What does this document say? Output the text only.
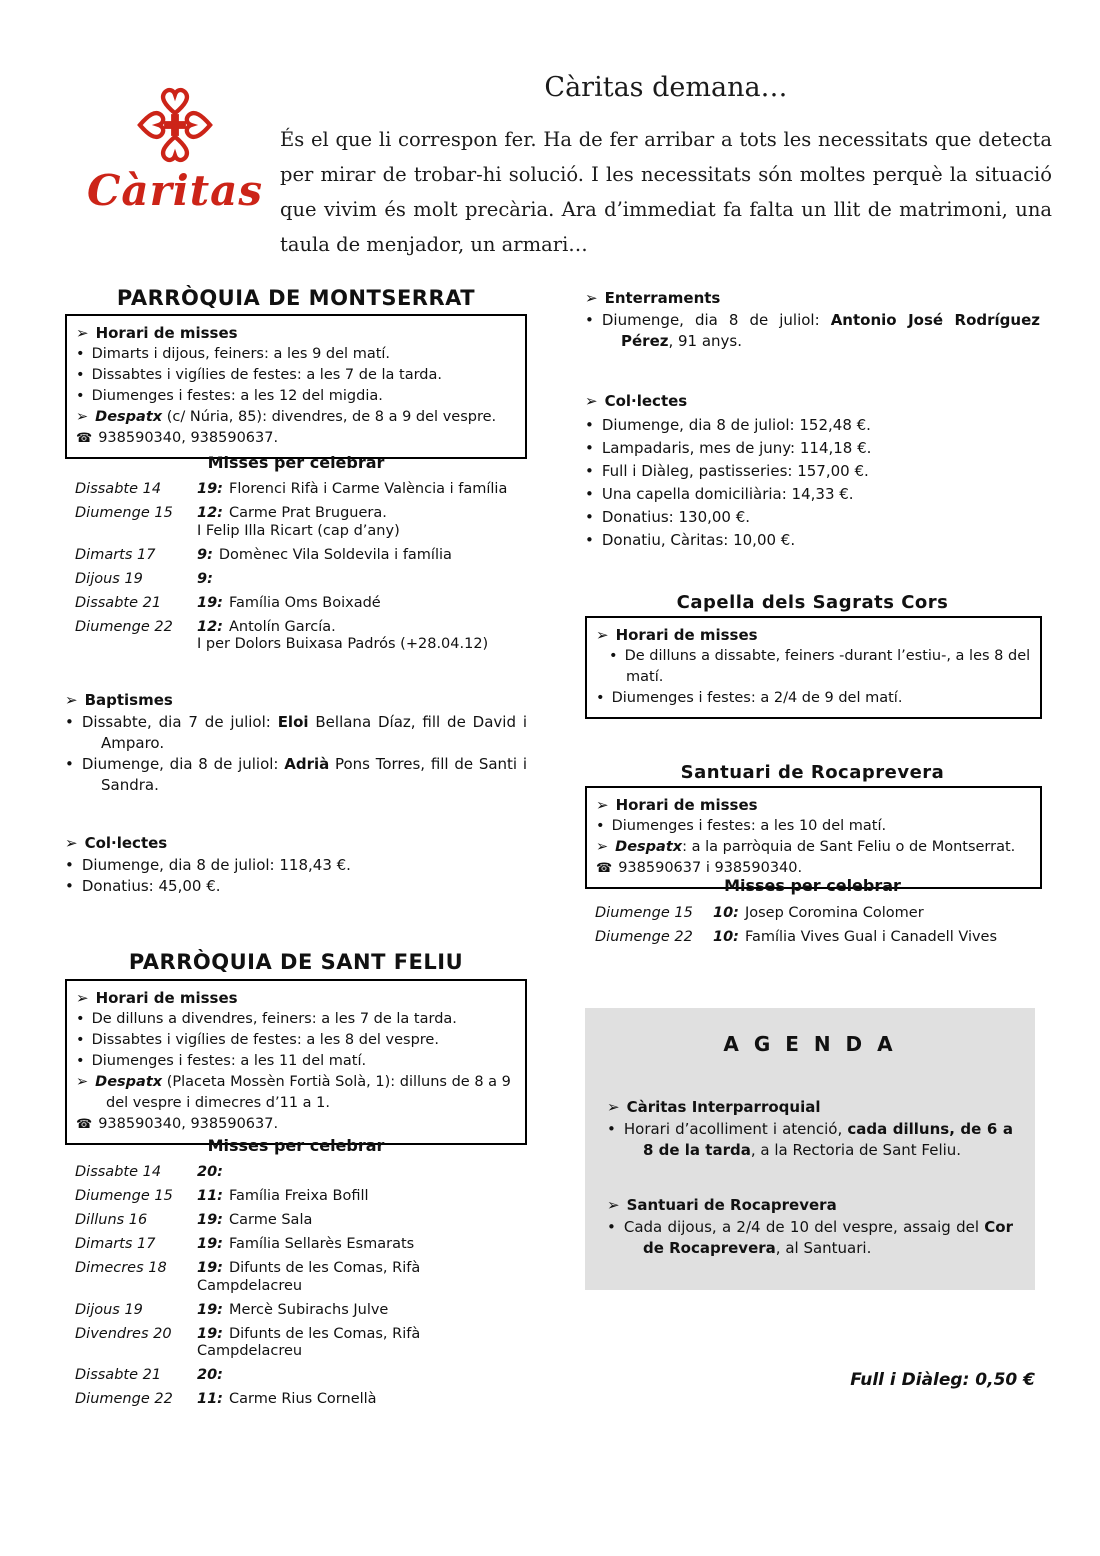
Càritas
Càritas demana…
És el que li correspon fer. Ha de fer arribar a tots les necessitats que detecta per mirar de trobar-hi solució. I les necessitats són moltes perquè la situació que vivim és molt precària. Ara d’immediat fa falta un llit de matrimoni, una taula de menjador, un armari…
PARRÒQUIA DE MONTSERRAT
➢ Horari de misses
• Dimarts i dijous, feiners: a les 9 del matí.
• Dissabtes i vigílies de festes: a les 7 de la tarda.
• Diumenges i festes: a les 12 del migdia.
➢ Despatx (c/ Núria, 85): divendres, de 8 a 9 del vespre.
☎ 938590340, 938590637.
Misses per celebrar
Dissabte 14	19: Florenci Rifà i Carme València i família
Diumenge 15	12: Carme Prat Bruguera.
I Felip Illa Ricart (cap d’any)
Dimarts 17	9: Domènec Vila Soldevila i família
Dijous 19	9:
Dissabte 21	19: Família Oms Boixadé
Diumenge 22	12: Antolín García.
I per Dolors Buixasa Padrós (+28.04.12)
➢ Baptismes
• Dissabte, dia 7 de juliol: Eloi Bellana Díaz, fill de David i Amparo.
• Diumenge, dia 8 de juliol: Adrià Pons Torres, fill de Santi i Sandra.
➢ Col·lectes
• Diumenge, dia 8 de juliol: 118,43 €.
• Donatius: 45,00 €.
PARRÒQUIA DE SANT FELIU
➢ Horari de misses
• De dilluns a divendres, feiners: a les 7 de la tarda.
• Dissabtes i vigílies de festes: a les 8 del vespre.
• Diumenges i festes: a les 11 del matí.
➢ Despatx (Placeta Mossèn Fortià Solà, 1): dilluns de 8 a 9 del vespre i dimecres d’11 a 1.
☎ 938590340, 938590637.
Misses per celebrar
Dissabte 14	20:
Diumenge 15	11: Família Freixa Bofill
Dilluns 16	19: Carme Sala
Dimarts 17	19: Família Sellarès Esmarats
Dimecres 18	19: Difunts de les Comas, Rifà
Campdelacreu
Dijous 19	19: Mercè Subirachs Julve
Divendres 20	19: Difunts de les Comas, Rifà
Campdelacreu
Dissabte 21	20:
Diumenge 22	11: Carme Rius Cornellà
➢ Enterraments
• Diumenge, dia 8 de juliol: Antonio José Rodríguez Pérez, 91 anys.
➢ Col·lectes
• Diumenge, dia 8 de juliol: 152,48 €.
• Lampadaris, mes de juny: 114,18 €.
• Full i Diàleg, pastisseries: 157,00 €.
• Una capella domiciliària: 14,33 €.
• Donatius: 130,00 €.
• Donatiu, Càritas: 10,00 €.
Capella dels Sagrats Cors
➢ Horari de misses
• De dilluns a dissabte, feiners -durant l’estiu-, a les 8 del matí.
• Diumenges i festes: a 2/4 de 9 del matí.
Santuari de Rocaprevera
➢ Horari de misses
• Diumenges i festes: a les 10 del matí.
➢ Despatx: a la parròquia de Sant Feliu o de Montserrat.
☎ 938590637 i 938590340.
Misses per celebrar
Diumenge 15	10: Josep Coromina Colomer
Diumenge 22	10: Família Vives Gual i Canadell Vives
A G E N D A
➢ Càritas Interparroquial
• Horari d’acolliment i atenció, cada dilluns, de 6 a 8 de la tarda, a la Rectoria de Sant Feliu.
➢ Santuari de Rocaprevera
• Cada dijous, a 2/4 de 10 del vespre, assaig del Cor de Rocaprevera, al Santuari.
Full i Diàleg: 0,50 €
